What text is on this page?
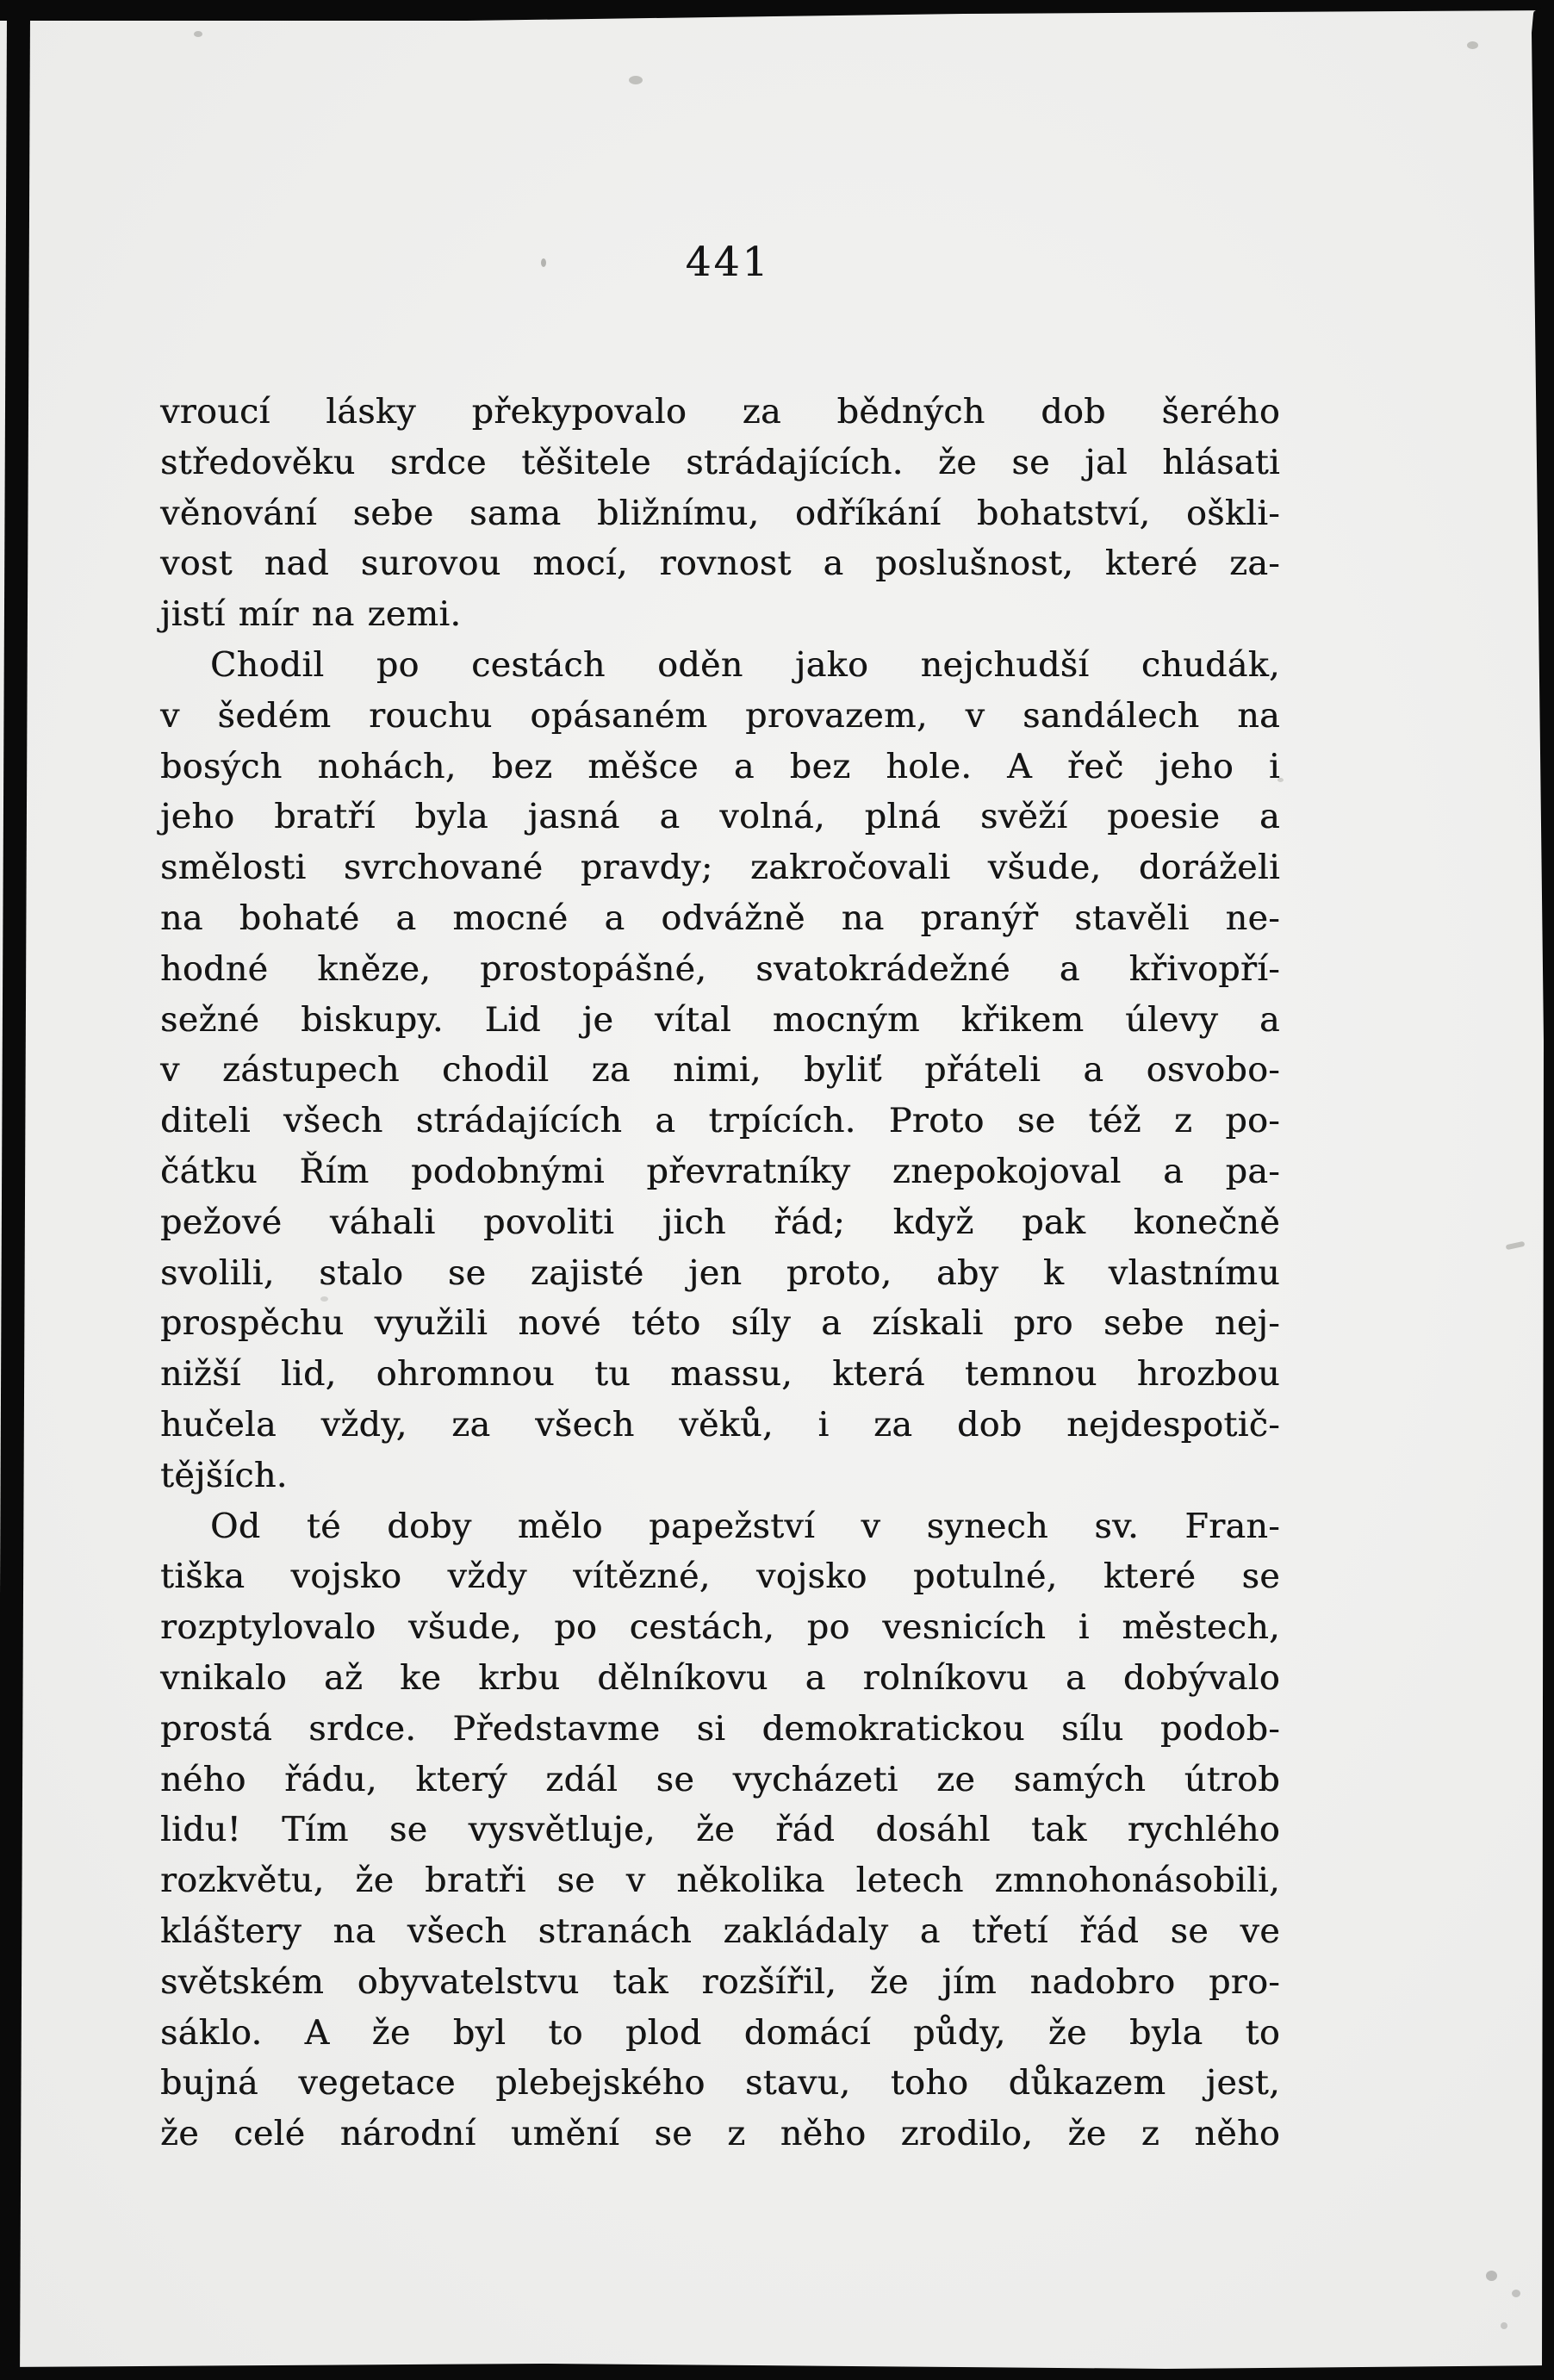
441
vroucí lásky překypovalo za bědných dob šerého
středověku srdce těšitele strádajících. že se jal hlásati
věnování sebe sama bližnímu, odříkání bohatství, oškli-
vost nad surovou mocí, rovnost a poslušnost, které za-
jistí mír na zemi.
Chodil po cestách oděn jako nejchudší chudák,
v šedém rouchu opásaném provazem, v sandálech na
bosých nohách, bez měšce a bez hole. A řeč jeho i
jeho bratří byla jasná a volná, plná svěží poesie a
smělosti svrchované pravdy; zakročovali všude, doráželi
na bohaté a mocné a odvážně na pranýř stavěli ne-
hodné kněze, prostopášné, svatokrádežné a křivopří-
sežné biskupy. Lid je vítal mocným křikem úlevy a
v zástupech chodil za nimi, byliť přáteli a osvobo-
diteli všech strádajících a trpících. Proto se též z po-
čátku Řím podobnými převratníky znepokojoval a pa-
pežové váhali povoliti jich řád; když pak konečně
svolili, stalo se zajisté jen proto, aby k vlastnímu
prospěchu využili nové této síly a získali pro sebe nej-
nižší lid, ohromnou tu massu, která temnou hrozbou
hučela vždy, za všech věků, i za dob nejdespotič-
tějších.
Od té doby mělo papežství v synech sv. Fran-
tiška vojsko vždy vítězné, vojsko potulné, které se
rozptylovalo všude, po cestách, po vesnicích i městech,
vnikalo až ke krbu dělníkovu a rolníkovu a dobývalo
prostá srdce. Představme si demokratickou sílu podob-
ného řádu, který zdál se vycházeti ze samých útrob
lidu! Tím se vysvětluje, že řád dosáhl tak rychlého
rozkvětu, že bratři se v několika letech zmnohonásobili,
kláštery na všech stranách zakládaly a třetí řád se ve
světském obyvatelstvu tak rozšířil, že jím nadobro pro-
sáklo. A že byl to plod domácí půdy, že byla to
bujná vegetace plebejského stavu, toho důkazem jest,
že celé národní umění se z něho zrodilo, že z něho
